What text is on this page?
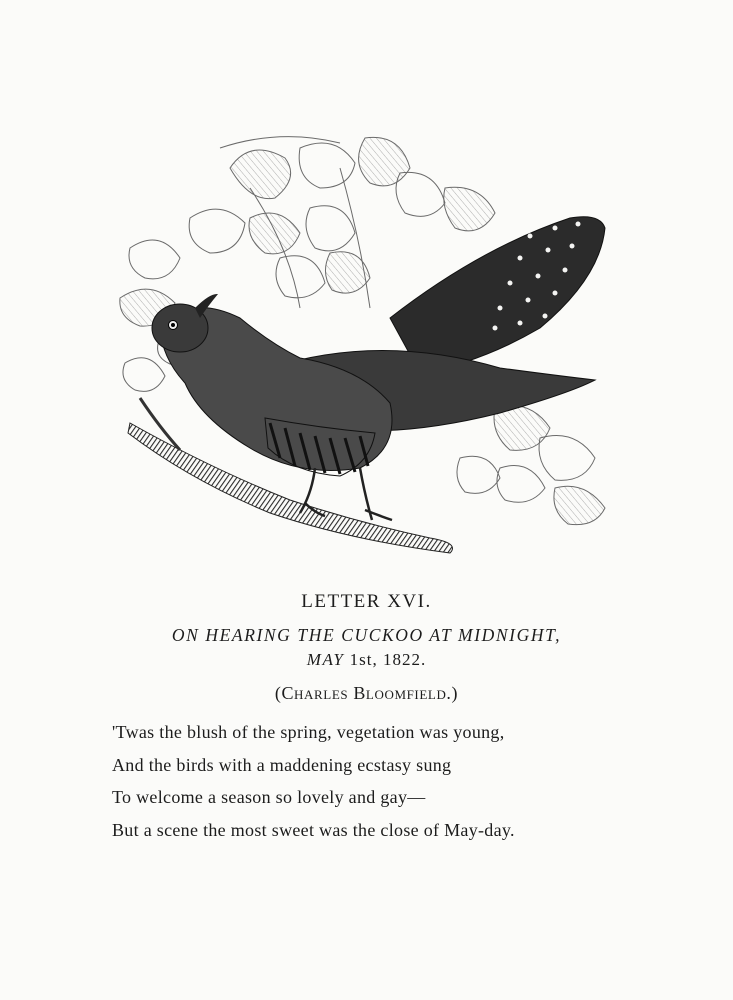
LETTER XVI.
ON HEARING THE CUCKOO AT MIDNIGHT,
MAY 1st, 1822.
(Charles Bloomfield.)
'Twas the blush of the spring, vegetation was young,
And the birds with a maddening ecstasy sung
To welcome a season so lovely and gay—
But a scene the most sweet was the close of May-day.
